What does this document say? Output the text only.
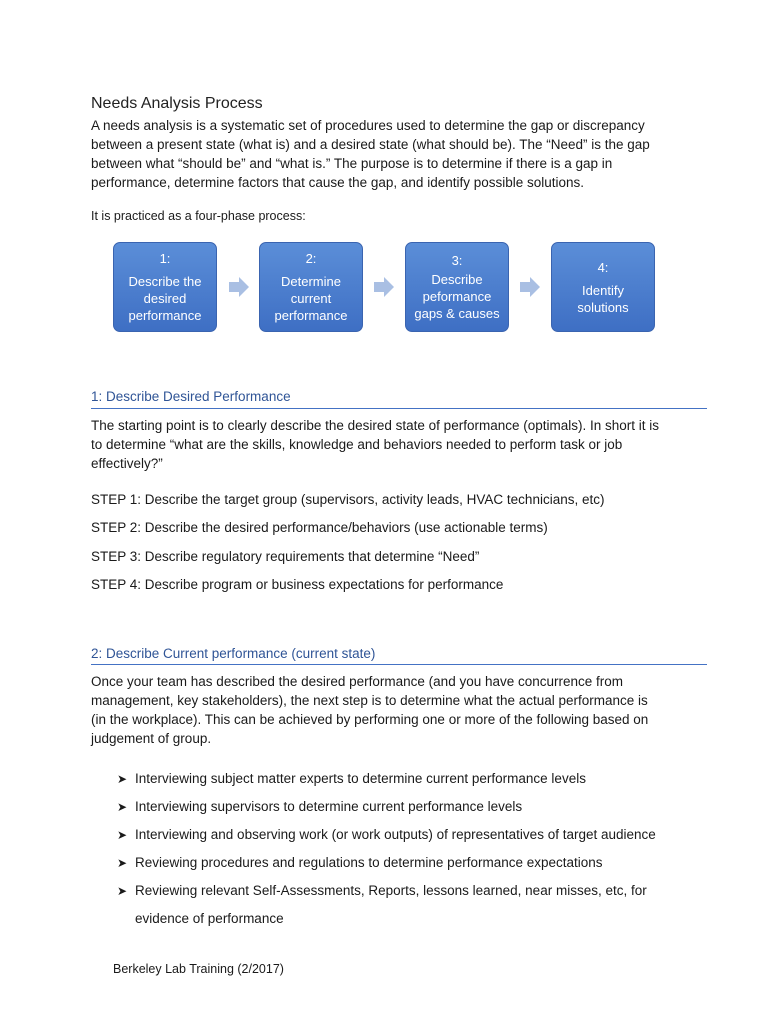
Needs Analysis Process

A needs analysis is a systematic set of procedures used to determine the gap or discrepancy

between a present state (what is) and a desired state (what should be). The “Need” is the gap

between what “should be” and “what is.” The purpose is to determine if there is a gap in

performance, determine factors that cause the gap, and identify possible solutions.

It is practiced as a four-phase process:
1:
Describe the
desired
performance
2:
Determine
current
performance
3:
Describe
peformance
gaps & causes
4:
Identify
solutions
1: Describe Desired Performance

The starting point is to clearly describe the desired state of performance (optimals). In short it is

to determine “what are the skills, knowledge and behaviors needed to perform task or job

effectively?”

STEP 1: Describe the target group (supervisors, activity leads, HVAC technicians, etc)
STEP 2: Describe the desired performance/behaviors (use actionable terms)
STEP 3: Describe regulatory requirements that determine “Need”
STEP 4: Describe program or business expectations for performance
2: Describe Current performance (current state)

Once your team has described the desired performance (and you have concurrence from

management, key stakeholders), the next step is to determine what the actual performance is

(in the workplace). This can be achieved by performing one or more of the following based on

judgement of group.

➤ Interviewing subject matter experts to determine current performance levels
➤ Interviewing supervisors to determine current performance levels
➤ Interviewing and observing work (or work outputs) of representatives of target audience
➤ Reviewing procedures and regulations to determine performance expectations
➤ Reviewing relevant Self-Assessments, Reports, lessons learned, near misses, etc, for
evidence of performance
Berkeley Lab Training (2/2017)
